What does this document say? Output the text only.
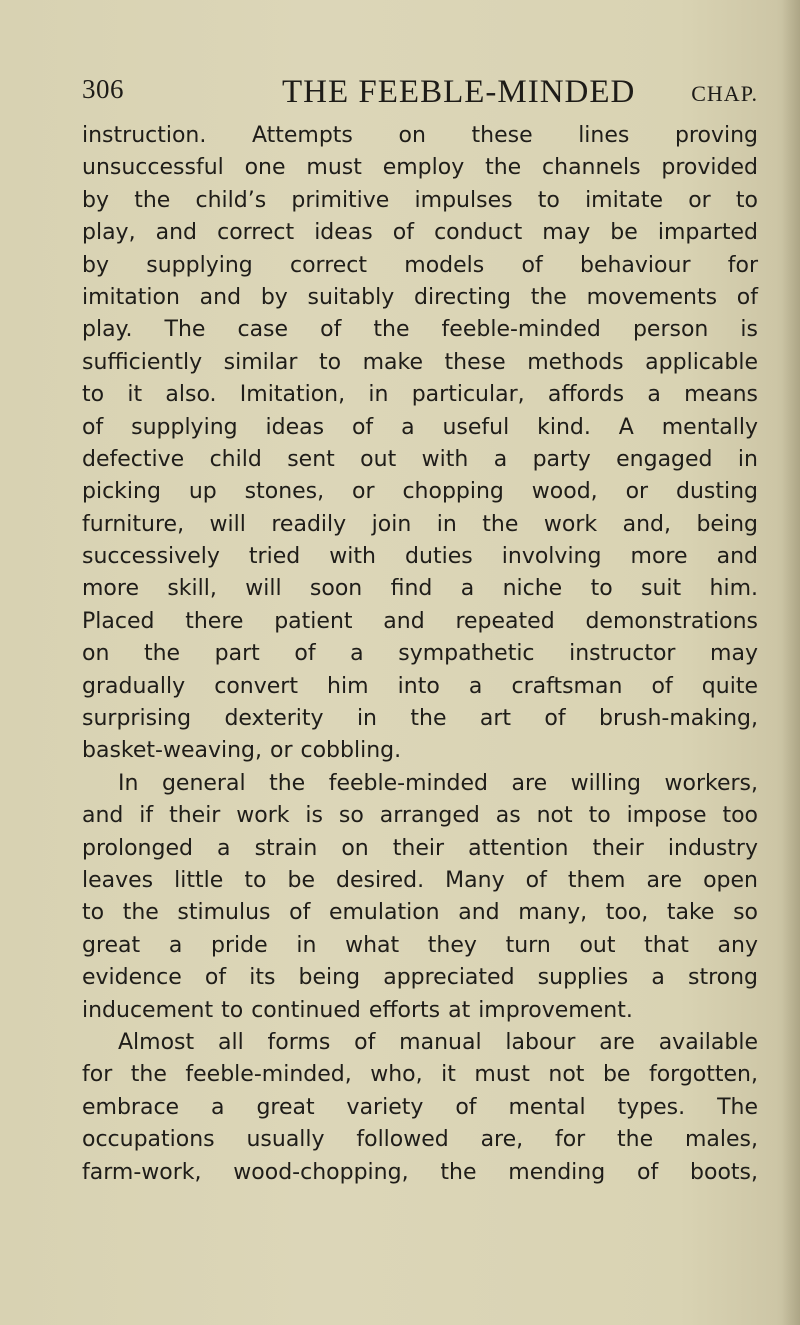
306	THE FEEBLE-MINDED	CHAP.
instruction. Attempts on these lines proving
unsuccessful one must employ the channels provided
by the child’s primitive impulses to imitate or to
play, and correct ideas of conduct may be imparted
by supplying correct models of behaviour for
imitation and by suitably directing the movements of
play. The case of the feeble-minded person is
sufficiently similar to make these methods applicable
to it also. Imitation, in particular, affords a means
of supplying ideas of a useful kind. A mentally
defective child sent out with a party engaged in
picking up stones, or chopping wood, or dusting
furniture, will readily join in the work and, being
successively tried with duties involving more and
more skill, will soon find a niche to suit him.
Placed there patient and repeated demonstrations
on the part of a sympathetic instructor may
gradually convert him into a craftsman of quite
surprising dexterity in the art of brush-making,
basket-weaving, or cobbling.
In general the feeble-minded are willing workers,
and if their work is so arranged as not to impose too
prolonged a strain on their attention their industry
leaves little to be desired. Many of them are open
to the stimulus of emulation and many, too, take so
great a pride in what they turn out that any
evidence of its being appreciated supplies a strong
inducement to continued efforts at improvement.
Almost all forms of manual labour are available
for the feeble-minded, who, it must not be forgotten,
embrace a great variety of mental types. The
occupations usually followed are, for the males,
farm-work, wood-chopping, the mending of boots,
